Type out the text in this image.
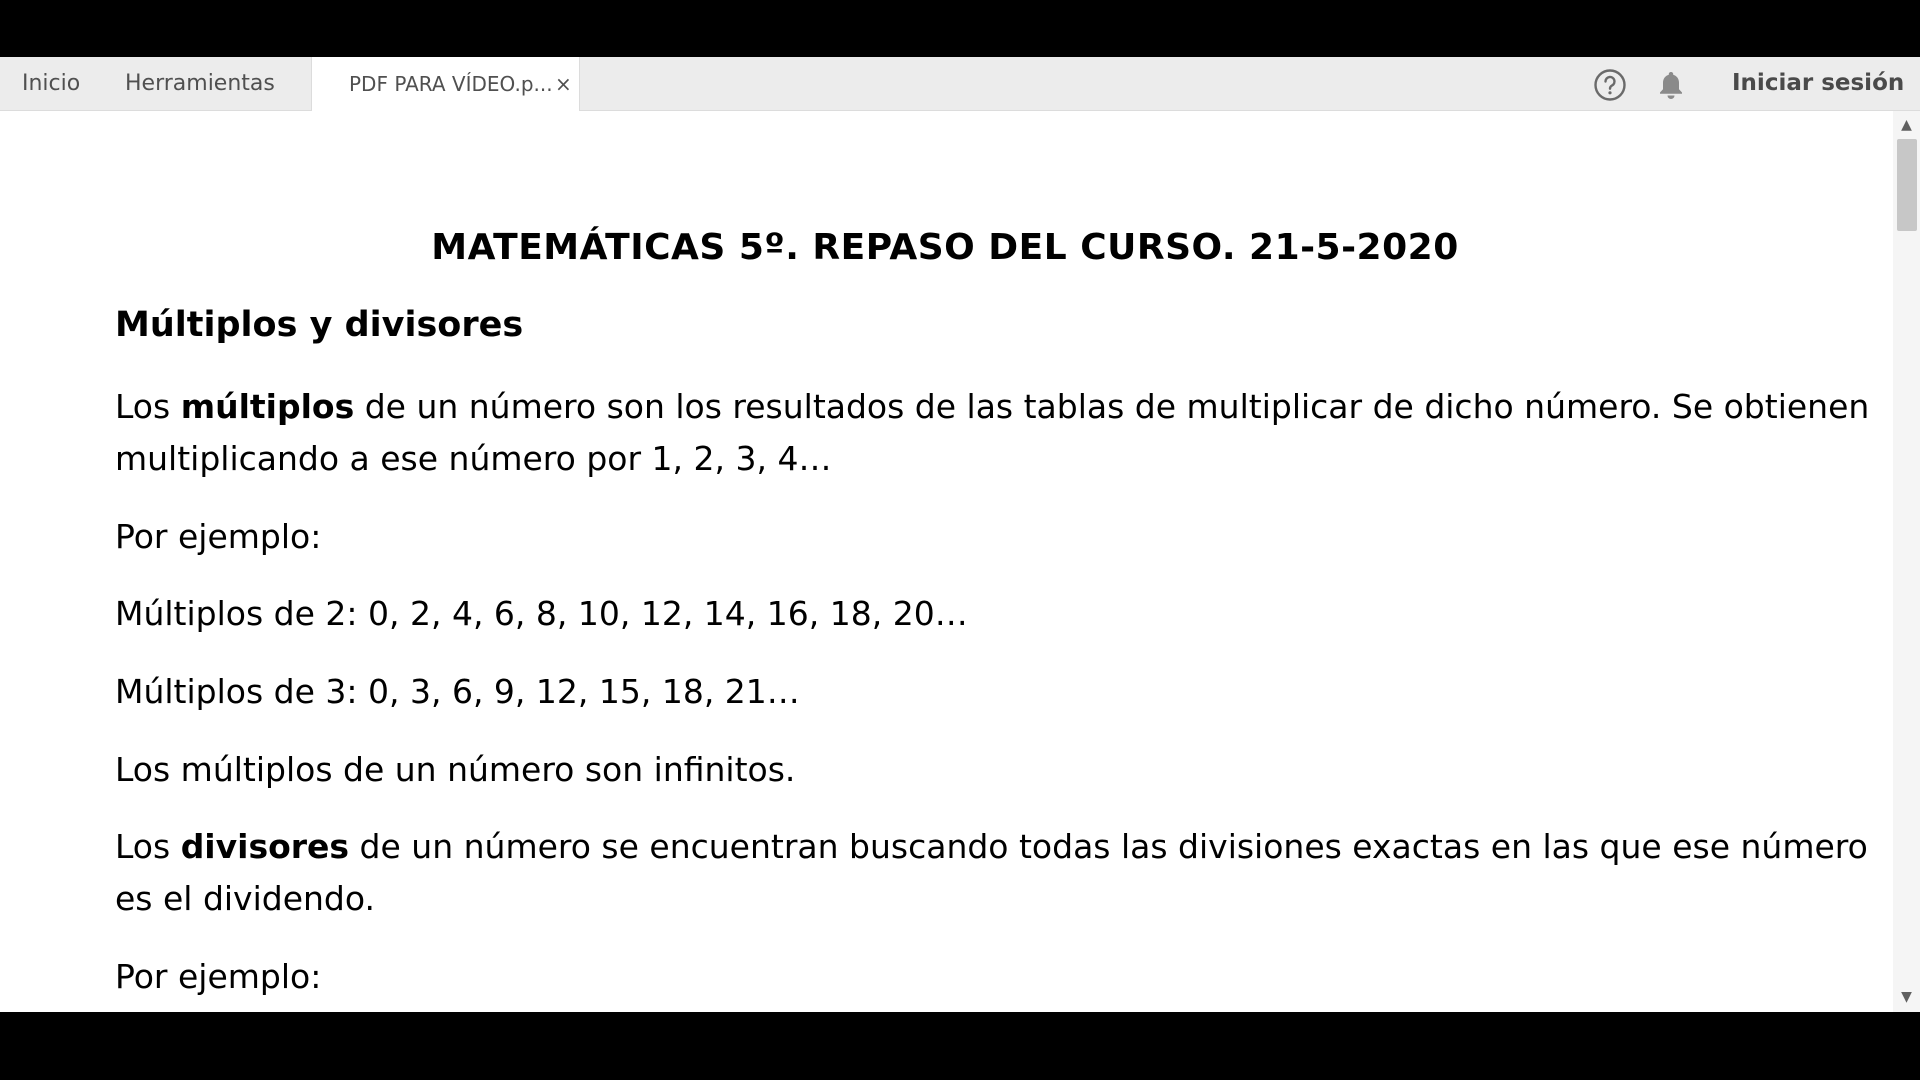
Inicio Herramientas	PDF PARA VÍDEO.p... ×	Iniciar sesión
MATEMÁTICAS 5º. REPASO DEL CURSO. 21-5-2020
Múltiplos y divisores
Los múltiplos de un número son los resultados de las tablas de multiplicar de dicho número. Se obtienen
multiplicando a ese número por 1, 2, 3, 4…
Por ejemplo:
Múltiplos de 2: 0, 2, 4, 6, 8, 10, 12, 14, 16, 18, 20…
Múltiplos de 3: 0, 3, 6, 9, 12, 15, 18, 21…
Los múltiplos de un número son infinitos.
Los divisores de un número se encuentran buscando todas las divisiones exactas en las que ese número
es el dividendo.
Por ejemplo:
▲
▼
